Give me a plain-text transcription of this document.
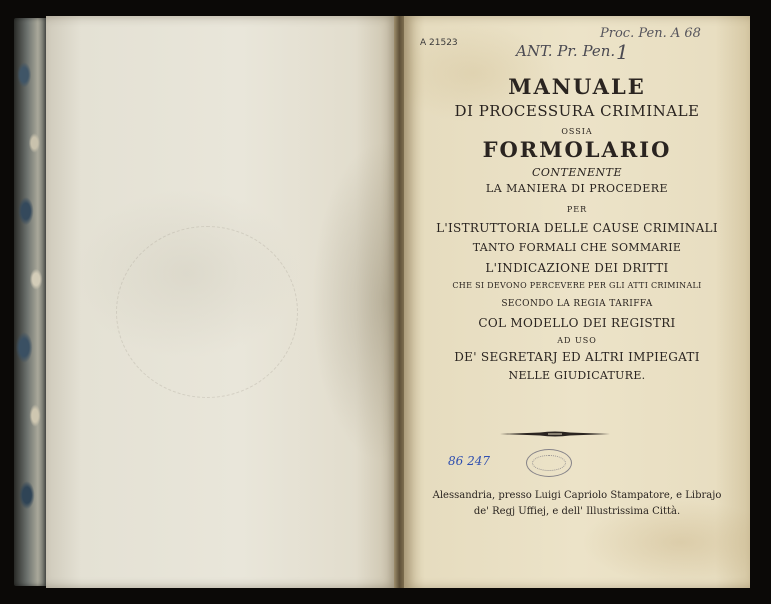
A 21523	ANT. Pr. Pen.
Proc. Pen. A 68
1

MANUALE

DI PROCESSURA CRIMINALE

OSSIA

FORMOLARIO

CONTENENTE

LA MANIERA DI PROCEDERE

PER

L'ISTRUTTORIA DELLE CAUSE CRIMINALI

TANTO FORMALI CHE SOMMARIE

L'INDICAZIONE DEI DRITTI

CHE SI DEVONO PERCEVERE PER GLI ATTI CRIMINALI

SECONDO LA REGIA TARIFFA

COL MODELLO DEI REGISTRI

AD USO

DE' SEGRETARJ ED ALTRI IMPIEGATI

NELLE GIUDICATURE.

86 247

Alessandria, presso Luigi Capriolo Stampatore, e Librajo

de' Regj Uffiej, e dell' Illustrissima Città.
